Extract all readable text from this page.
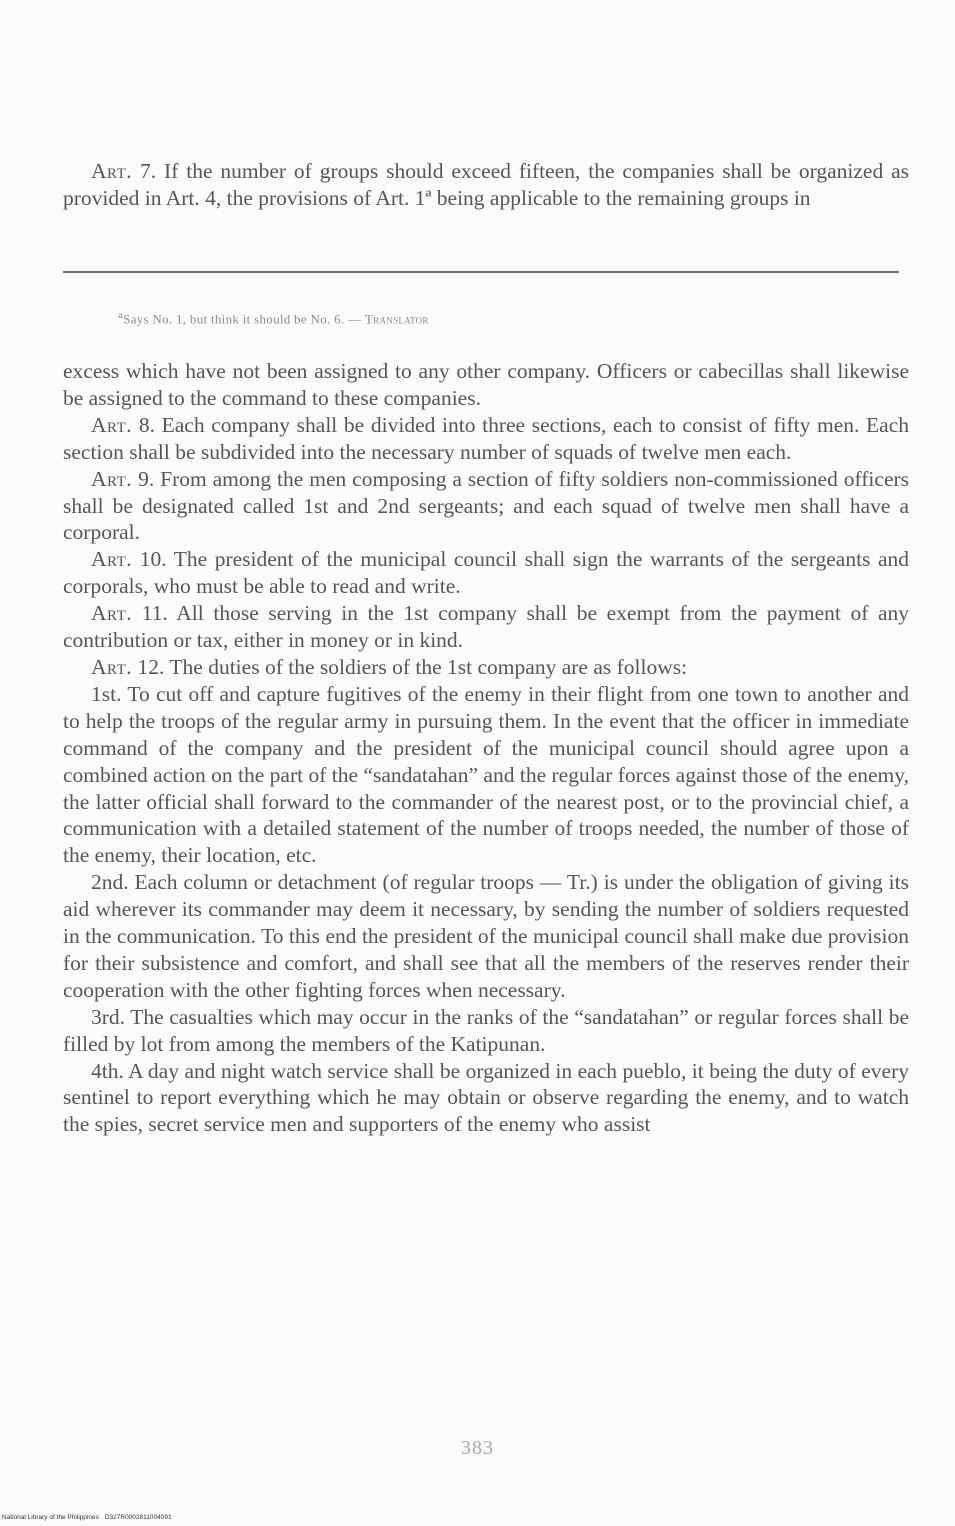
Art. 7. If the number of groups should exceed fifteen, the companies shall be organized as provided in Art. 4, the provisions of Art. 1ª being applicable to the remaining groups in

$^a$Says No. 1, but think it should be No. 6. — Translator

excess which have not been assigned to any other company. Officers or cabecillas shall likewise be assigned to the command to these companies.

Art. 8. Each company shall be divided into three sections, each to consist of fifty men. Each section shall be subdivided into the necessary number of squads of twelve men each.

Art. 9. From among the men composing a section of fifty soldiers non-commissioned officers shall be designated called 1st and 2nd sergeants; and each squad of twelve men shall have a corporal.

Art. 10. The president of the municipal council shall sign the warrants of the sergeants and corporals, who must be able to read and write.

Art. 11. All those serving in the 1st company shall be exempt from the payment of any contribution or tax, either in money or in kind.

Art. 12. The duties of the soldiers of the 1st company are as follows:

1st. To cut off and capture fugitives of the enemy in their flight from one town to another and to help the troops of the regular army in pursuing them. In the event that the officer in immediate command of the company and the president of the municipal council should agree upon a combined action on the part of the “sandatahan” and the regular forces against those of the enemy, the latter official shall forward to the commander of the nearest post, or to the provincial chief, a communication with a detailed statement of the number of troops needed, the number of those of the enemy, their location, etc.

2nd. Each column or detachment (of regular troops — Tr.) is under the obligation of giving its aid wherever its commander may deem it necessary, by sending the number of soldiers requested in the communication. To this end the president of the municipal council shall make due provision for their subsistence and comfort, and shall see that all the members of the reserves render their cooperation with the other fighting forces when necessary.

3rd. The casualties which may occur in the ranks of the “sandatahan” or regular forces shall be filled by lot from among the members of the Katipunan.

4th. A day and night watch service shall be organized in each pueblo, it being the duty of every sentinel to report everything which he may obtain or observe regarding the enemy, and to watch the spies, secret service men and supporters of the enemy who assist

383
National Library of the Philippines D327R0002811004091
